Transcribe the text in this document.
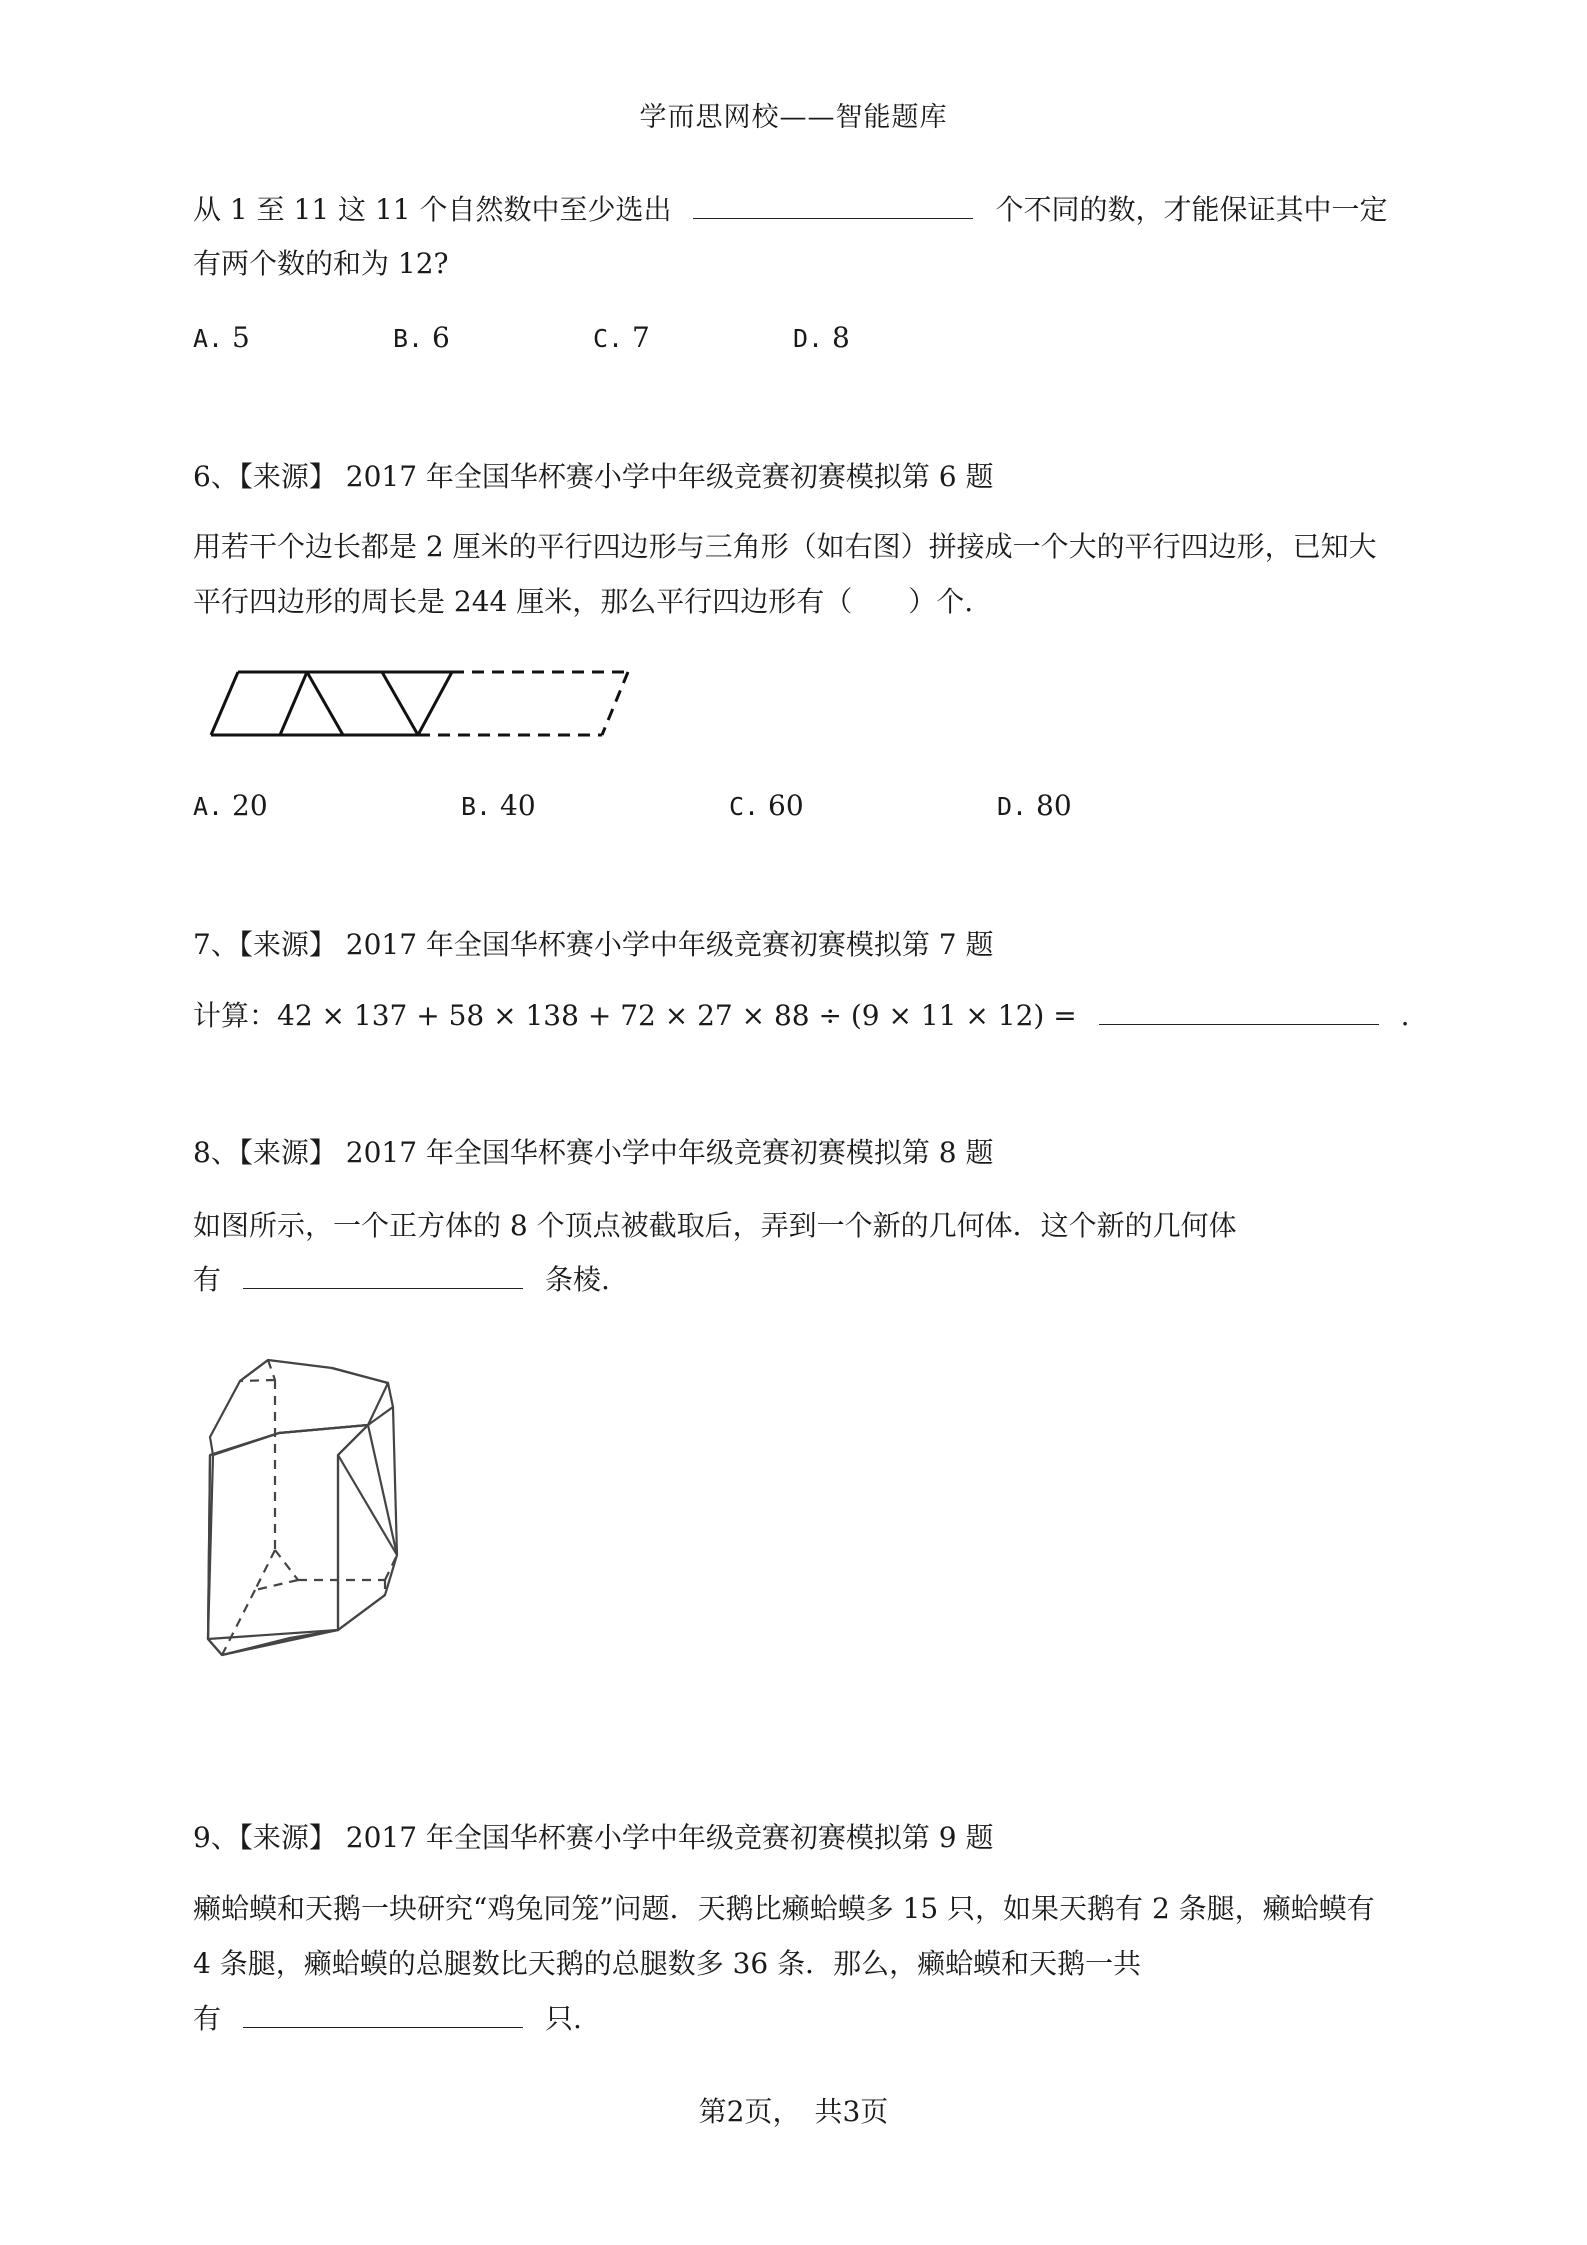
学而思网校——智能题库
从 1 至 11 这 11 个自然数中至少选出	个不同的数，才能保证其中一定
有两个数的和为 12?
A. 5	B. 6	C. 7	D. 8
6、【来源】 2017 年全国华杯赛小学中年级竞赛初赛模拟第 6 题
用若干个边长都是 2 厘米的平行四边形与三角形（如右图）拼接成一个大的平行四边形，已知大
平行四边形的周长是 244 厘米，那么平行四边形有（　　）个.
A. 20	B. 40	C. 60	D. 80
7、【来源】 2017 年全国华杯赛小学中年级竞赛初赛模拟第 7 题
计算：42 × 137 + 58 × 138 + 72 × 27 × 88 ÷ (9 × 11 × 12) =	.
8、【来源】 2017 年全国华杯赛小学中年级竞赛初赛模拟第 8 题
如图所示，一个正方体的 8 个顶点被截取后，弄到一个新的几何体．这个新的几何体
有	条棱.
9、【来源】 2017 年全国华杯赛小学中年级竞赛初赛模拟第 9 题
癞蛤蟆和天鹅一块研究“鸡兔同笼”问题．天鹅比癞蛤蟆多 15 只，如果天鹅有 2 条腿，癞蛤蟆有
4 条腿，癞蛤蟆的总腿数比天鹅的总腿数多 36 条．那么，癞蛤蟆和天鹅一共
有	只.
第2页，　共3页
